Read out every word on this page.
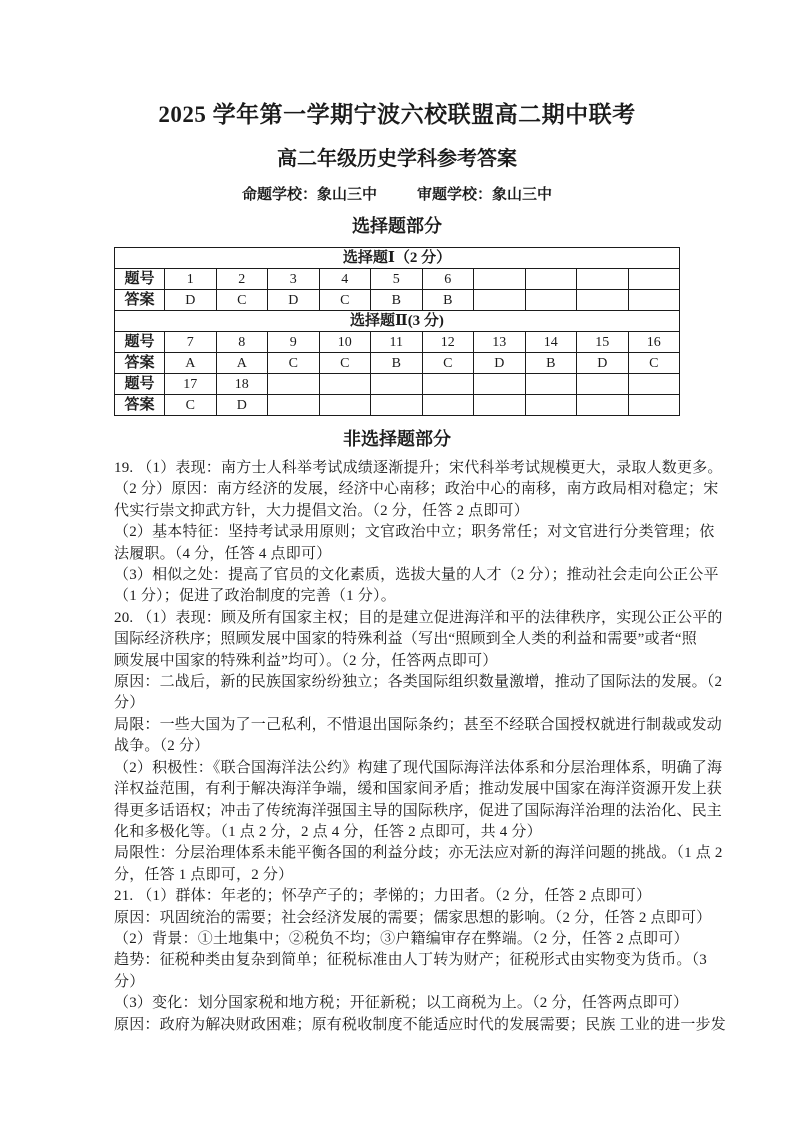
2025 学年第一学期宁波六校联盟高二期中联考
高二年级历史学科参考答案
命题学校：象山三中	审题学校：象山三中
选择题部分
选择题Ⅰ（2 分）										
题号	1	2	3	4	5	6				
答案	D	C	D	C	B	B				
选择题Ⅱ(3 分)										
题号	7	8	9	10	11	12	13	14	15	16
答案	A	A	C	C	B	C	D	B	D	C
题号	17	18								
答案	C	D								
非选择题部分
19. （1）表现：南方士人科举考试成绩逐渐提升；宋代科举考试规模更大，录取人数更多。
（2 分）原因：南方经济的发展，经济中心南移；政治中心的南移，南方政局相对稳定；宋
代实行崇文抑武方针，大力提倡文治。（2 分，任答 2 点即可）
（2）基本特征：坚持考试录用原则；文官政治中立；职务常任；对文官进行分类管理；依
法履职。（4 分，任答 4 点即可）
（3）相似之处：提高了官员的文化素质，选拔大量的人才（2 分）；推动社会走向公正公平
（1 分）；促进了政治制度的完善（1 分）。
20. （1）表现：顾及所有国家主权；目的是建立促进海洋和平的法律秩序，实现公正公平的
国际经济秩序；照顾发展中国家的特殊利益（写出“照顾到全人类的利益和需要”或者“照
顾发展中国家的特殊利益”均可）。（2 分，任答两点即可）
原因：二战后，新的民族国家纷纷独立；各类国际组织数量激增，推动了国际法的发展。（2
分）
局限：一些大国为了一己私利，不惜退出国际条约；甚至不经联合国授权就进行制裁或发动
战争。（2 分）
（2）积极性：《联合国海洋法公约》构建了现代国际海洋法体系和分层治理体系，明确了海
洋权益范围，有利于解决海洋争端，缓和国家间矛盾；推动发展中国家在海洋资源开发上获
得更多话语权；冲击了传统海洋强国主导的国际秩序，促进了国际海洋治理的法治化、民主
化和多极化等。（1 点 2 分，2 点 4 分，任答 2 点即可，共 4 分）
局限性：分层治理体系未能平衡各国的利益分歧；亦无法应对新的海洋问题的挑战。（1 点 2
分，任答 1 点即可，2 分）
21. （1）群体：年老的；怀孕产子的；孝悌的；力田者。（2 分，任答 2 点即可）
原因：巩固统治的需要；社会经济发展的需要；儒家思想的影响。（2 分，任答 2 点即可）
（2）背景：①土地集中；②税负不均；③户籍编审存在弊端。（2 分，任答 2 点即可）
趋势：征税种类由复杂到简单；征税标准由人丁转为财产；征税形式由实物变为货币。（3
分）
（3）变化：划分国家税和地方税；开征新税；以工商税为上。（2 分，任答两点即可）
原因：政府为解决财政困难；原有税收制度不能适应时代的发展需要；民族 工业的进一步发
